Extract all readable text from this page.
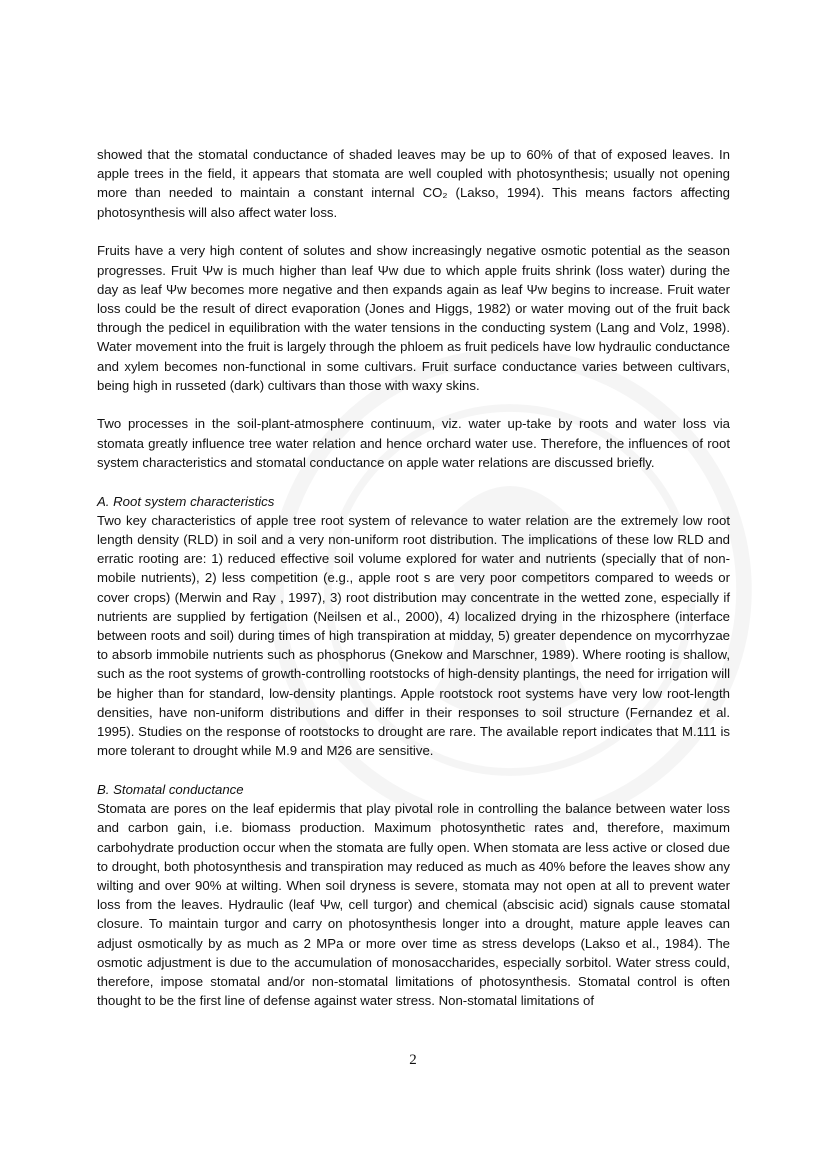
showed that the stomatal conductance of shaded leaves may be up to 60% of that of exposed leaves. In apple trees in the field, it appears that stomata are well coupled with photosynthesis; usually not opening more than needed to maintain a constant internal CO₂ (Lakso, 1994). This means factors affecting photosynthesis will also affect water loss.

Fruits have a very high content of solutes and show increasingly negative osmotic potential as the season progresses. Fruit Ψw is much higher than leaf Ψw due to which apple fruits shrink (loss water) during the day as leaf Ψw becomes more negative and then expands again as leaf Ψw begins to increase. Fruit water loss could be the result of direct evaporation (Jones and Higgs, 1982) or water moving out of the fruit back through the pedicel in equilibration with the water tensions in the conducting system (Lang and Volz, 1998). Water movement into the fruit is largely through the phloem as fruit pedicels have low hydraulic conductance and xylem becomes non-functional in some cultivars. Fruit surface conductance varies between cultivars, being high in russeted (dark) cultivars than those with waxy skins.

Two processes in the soil-plant-atmosphere continuum, viz. water up-take by roots and water loss via stomata greatly influence tree water relation and hence orchard water use. Therefore, the influences of root system characteristics and stomatal conductance on apple water relations are discussed briefly.

A. Root system characteristics

Two key characteristics of apple tree root system of relevance to water relation are the extremely low root length density (RLD) in soil and a very non-uniform root distribution. The implications of these low RLD and erratic rooting are: 1) reduced effective soil volume explored for water and nutrients (specially that of non-mobile nutrients), 2) less competition (e.g., apple root s are very poor competitors compared to weeds or cover crops) (Merwin and Ray , 1997), 3) root distribution may concentrate in the wetted zone, especially if nutrients are supplied by fertigation (Neilsen et al., 2000), 4) localized drying in the rhizosphere (interface between roots and soil) during times of high transpiration at midday, 5) greater dependence on mycorrhyzae to absorb immobile nutrients such as phosphorus (Gnekow and Marschner, 1989). Where rooting is shallow, such as the root systems of growth-controlling rootstocks of high-density plantings, the need for irrigation will be higher than for standard, low-density plantings. Apple rootstock root systems have very low root-length densities, have non-uniform distributions and differ in their responses to soil structure (Fernandez et al. 1995). Studies on the response of rootstocks to drought are rare. The available report indicates that M.111 is more tolerant to drought while M.9 and M26 are sensitive.

B. Stomatal conductance

Stomata are pores on the leaf epidermis that play pivotal role in controlling the balance between water loss and carbon gain, i.e. biomass production. Maximum photosynthetic rates and, therefore, maximum carbohydrate production occur when the stomata are fully open. When stomata are less active or closed due to drought, both photosynthesis and transpiration may reduced as much as 40% before the leaves show any wilting and over 90% at wilting. When soil dryness is severe, stomata may not open at all to prevent water loss from the leaves. Hydraulic (leaf Ψw, cell turgor) and chemical (abscisic acid) signals cause stomatal closure. To maintain turgor and carry on photosynthesis longer into a drought, mature apple leaves can adjust osmotically by as much as 2 MPa or more over time as stress develops (Lakso et al., 1984). The osmotic adjustment is due to the accumulation of monosaccharides, especially sorbitol. Water stress could, therefore, impose stomatal and/or non-stomatal limitations of photosynthesis. Stomatal control is often thought to be the first line of defense against water stress. Non-stomatal limitations of

2
